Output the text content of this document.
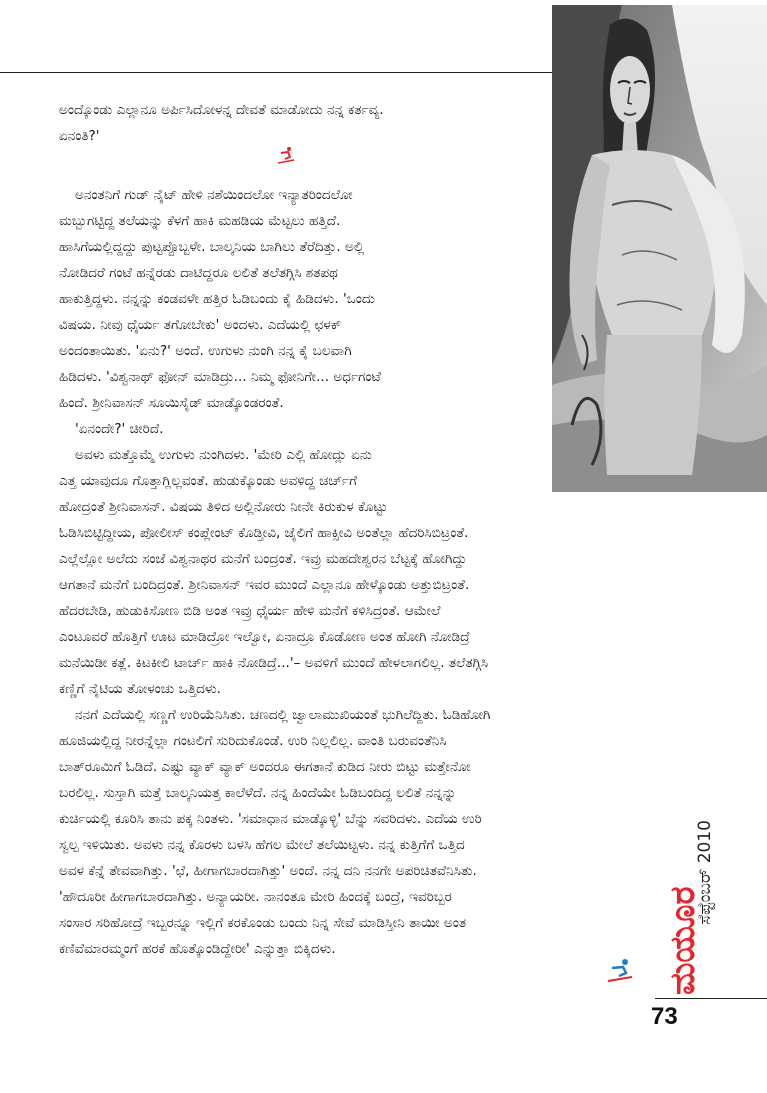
ಅಂದ್ಕೊಂಡು ಎಲ್ಲಾನೂ ಅರ್ಪಿಸಿದೋಳನ್ನ ದೇವತೆ ಮಾಡೋದು ನನ್ನ ಕರ್ತವ್ಯ.
ಏನಂತಿ?'
ಅನಂತನಿಗೆ ಗುಡ್ ನೈಟ್ ಹೇಳಿ ನಶೆಯಿಂದಲೋ ಇನ್ಯಾತರಿಂದಲೋ
ಮಬ್ಬುಗಟ್ಟಿದ್ದ ತಲೆಯನ್ನು ಕೆಳಗೆ ಹಾಕಿ ಮಹಡಿಯ ಮೆಟ್ಟಲು ಹತ್ತಿದೆ.
ಹಾಸಿಗೆಯಲ್ಲಿದ್ದದ್ದು ಪುಟ್ಟಪ್ಪೊಬ್ಬಳೇ. ಬಾಲ್ಕನಿಯ ಬಾಗಿಲು ತೆರೆದಿತ್ತು. ಅಲ್ಲಿ
ನೋಡಿದರೆ ಗಂಟೆ ಹನ್ನೆರಡು ದಾಟಿದ್ದರೂ ಲಲಿತೆ ತಲೆತಗ್ಗಿಸಿ ಶತಪಥ
ಹಾಕುತ್ತಿದ್ದಳು. ನನ್ನನ್ನು ಕಂಡವಳೇ ಹತ್ತಿರ ಓಡಿಬಂದು ಕೈ ಹಿಡಿದಳು. 'ಒಂದು
ವಿಷಯ. ನೀವು ಧೈರ್ಯ ತಗೋಬೇಕು' ಅಂದಳು. ಎದೆಯಲ್ಲಿ ಛಳಕ್
ಅಂದಂತಾಯಿತು. 'ಏನು?' ಅಂದೆ. ಉಗುಳು ನುಂಗಿ ನನ್ನ ಕೈ ಬಲವಾಗಿ
ಹಿಡಿದಳು. 'ವಿಶ್ವನಾಥ್ ಫೋನ್ ಮಾಡಿದ್ರು... ನಿಮ್ಮ ಫೋನಿಗೇ... ಅರ್ಧಗಂಟೆ
ಹಿಂದೆ. ಶ್ರೀನಿವಾಸನ್ ಸೂಯಿಸೈಡ್ ಮಾಡ್ಕೊಂಡರಂತೆ.
'ಏನಂದೇ?' ಚೀರಿದೆ.
ಅವಳು ಮತ್ತೊಮ್ಮೆ ಉಗುಳು ನುಂಗಿದಳು. 'ಮೇರಿ ಎಲ್ಲಿ ಹೋದ್ಲು ಏನು
ಎತ್ತ ಯಾವುದೂ ಗೊತ್ತಾಗ್ಲಿಲ್ಲವಂತೆ. ಹುಡುಕ್ಕೊಂಡು ಅವಳಿದ್ದ ಚರ್ಚ್‌ಗೆ
ಹೋದ್ರಂತೆ ಶ್ರೀನಿವಾಸನ್. ವಿಷಯ ತಿಳಿದ ಅಲ್ಲಿನೋರು ನೀನೇ ಕಿರುಕುಳ ಕೊಟ್ಟು
ಓಡಿಸಿಬಿಟ್ಟಿದ್ದೀಯ, ಪೋಲೀಸ್ ಕಂಪ್ಲೇಂಟ್ ಕೊಡ್ತೀವಿ, ಜೈಲಿಗೆ ಹಾಕ್ಸೀವಿ ಅಂತೆಲ್ಲಾ ಹೆದರಿಸಿಬಿಟ್ರಂತೆ.
ಎಲ್ಲೆಲ್ಲೋ ಅಲೆದು ಸಂಜೆ ವಿಶ್ವನಾಥರ ಮನೆಗೆ ಬಂದ್ರಂತೆ. ಇವ್ರು ಮಹದೇಶ್ವರನ ಬೆಟ್ಟಕ್ಕೆ ಹೋಗಿದ್ದು
ಆಗತಾನೆ ಮನೆಗೆ ಬಂದಿದ್ರಂತೆ. ಶ್ರೀನಿವಾಸನ್ ಇವರ ಮುಂದೆ ಎಲ್ಲಾನೂ ಹೇಳ್ಕೊಂಡು ಅತ್ತುಬಿಟ್ರಂತೆ.
ಹೆದರಬೇಡಿ, ಹುಡುಕಿಸೋಣ ಬಿಡಿ ಅಂತ ಇವ್ರು ಧೈರ್ಯ ಹೇಳಿ ಮನೆಗೆ ಕಳಿಸಿದ್ರಂತೆ. ಆಮೇಲೆ
ಎಂಟೂವರೆ ಹೊತ್ತಿಗೆ ಊಟ ಮಾಡಿದ್ರೋ ಇಲ್ವೋ, ಏನಾದ್ರೂ ಕೊಡೋಣ ಅಂತ ಹೋಗಿ ನೋಡಿದ್ರೆ
ಮನೆಯಿಡೀ ಕತ್ಲೆ. ಕಿಟಕೀಲಿ ಟಾರ್ಚ್ ಹಾಕಿ ನೋಡಿದ್ರೆ...'– ಅವಳಿಗೆ ಮುಂದೆ ಹೇಳಲಾಗಲಿಲ್ಲ. ತಲೆತಗ್ಗಿಸಿ
ಕಣ್ಣಿಗೆ ನೈಟಿಯ ತೋಳಂಚು ಒತ್ತಿದಳು.
ನನಗೆ ಎದೆಯಲ್ಲಿ ಸಣ್ಣಗೆ ಉರಿಯೆನಿಸಿತು. ಚಣದಲ್ಲಿ ಜ್ವಾಲಾಮುಖಿಯಂತೆ ಭುಗಿಲೆದ್ದಿತು. ಓಡಿಹೋಗಿ
ಹೂಜಿಯಲ್ಲಿದ್ದ ನೀರನ್ನೆಲ್ಲಾ ಗಂಟಲಿಗೆ ಸುರಿದುಕೊಂಡೆ. ಉರಿ ನಿಲ್ಲಲಿಲ್ಲ. ವಾಂತಿ ಬರುವಂತೆನಿಸಿ
ಬಾತ್‌ರೂಮಿಗೆ ಓಡಿದೆ. ಎಷ್ಟು ವ್ಯಾಕ್ ವ್ಯಾಕ್ ಅಂದರೂ ಈಗತಾನೆ ಕುಡಿದ ನೀರು ಬಿಟ್ಟು ಮತ್ತೇನೋ
ಬರಲಿಲ್ಲ. ಸುಸ್ತಾಗಿ ಮತ್ತೆ ಬಾಲ್ಕನಿಯತ್ತ ಕಾಲೆಳೆದೆ. ನನ್ನ ಹಿಂದೆಯೇ ಓಡಿಬಂದಿದ್ದ ಲಲಿತೆ ನನ್ನನ್ನು
ಕುರ್ಚಿಯಲ್ಲಿ ಕೂರಿಸಿ ತಾನು ಪಕ್ಕ ನಿಂತಳು. 'ಸಮಾಧಾನ ಮಾಡ್ಕೊಳ್ಳಿ' ಬೆನ್ನು ಸವರಿದಳು. ಎದೆಯ ಉರಿ
ಸ್ವಲ್ಪ ಇಳಿಯಿತು. ಅವಳು ನನ್ನ ಕೊರಳು ಬಳಸಿ ಹೆಗಲ ಮೇಲೆ ತಲೆಯಿಟ್ಟಳು. ನನ್ನ ಕುತ್ತಿಗೆಗೆ ಒತ್ತಿದ
ಅವಳ ಕೆನ್ನೆ ತೇವವಾಗಿತ್ತು. 'ಛೆ, ಹೀಗಾಗಬಾರದಾಗಿತ್ತು' ಅಂದೆ. ನನ್ನ ದನಿ ನನಗೇ ಅಪರಿಚಿತವೆನಿಸಿತು.
'ಹೌದೂರೀ ಹೀಗಾಗಬಾರದಾಗಿತ್ತು. ಅನ್ಯಾಯರೀ. ನಾನಂತೂ ಮೇರಿ ಹಿಂದಕ್ಕೆ ಬಂದ್ರೆ, ಇವರಿಬ್ಬರ
ಸಂಸಾರ ಸರಿಹೋದ್ರೆ ಇಬ್ಬರನ್ನೂ ಇಲ್ಲಿಗೆ ಕರಕೊಂಡು ಬಂದು ನಿನ್ನ ಸೇವೆ ಮಾಡಿಸ್ತೀನಿ ತಾಯೀ ಅಂತ
ಕಣಿವೆಮಾರಮ್ಮಂಗೆ ಹರಕೆ ಹೊತ್ಕೊಂಡಿದ್ದೇರೀ' ಎನ್ನುತ್ತಾ ಬಿಕ್ಕಿದಳು.
ಸೆಪ್ಟೆಂಬರ್ 2010
ಮಯೂರ
73
